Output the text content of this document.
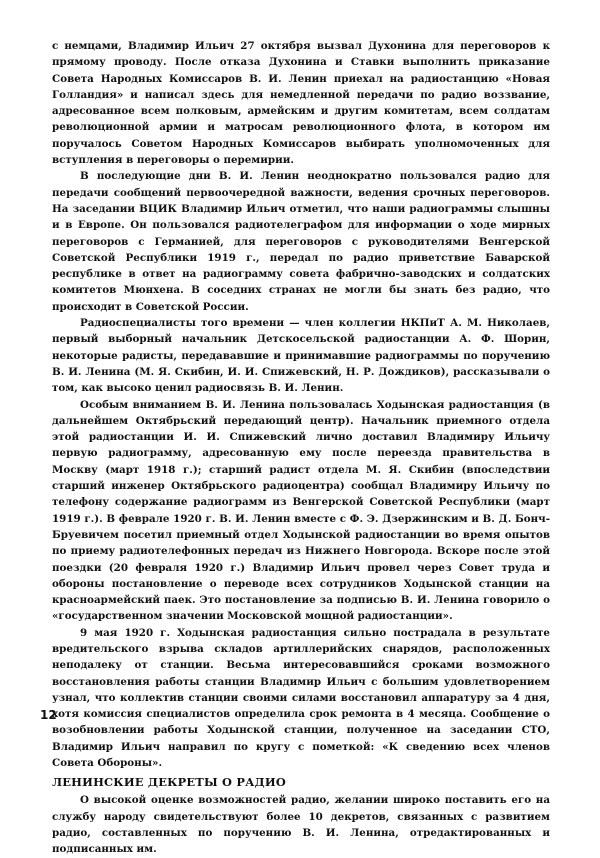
с немцами, Владимир Ильич 27 октября вызвал Духонина для переговоров к прямому проводу. После отказа Духонина и Ставки выполнить приказание Совета Народных Комиссаров В. И. Ленин приехал на радиостанцию «Новая Голландия» и написал здесь для немедленной передачи по радио воззвание, адресованное всем полковым, армейским и другим комитетам, всем солдатам революционной армии и матросам революционного флота, в котором им поручалось Советом Народных Комиссаров выбирать уполномоченных для вступления в переговоры о перемирии.

В последующие дни В. И. Ленин неоднократно пользовался радио для передачи сообщений первоочередной важности, ведения срочных переговоров. На заседании ВЦИК Владимир Ильич отметил, что наши радиограммы слышны и в Европе. Он пользовался радиотелеграфом для информации о ходе мирных переговоров с Германией, для переговоров с руководителями Венгерской Советской Республики 1919 г., передал по радио приветствие Баварской республике в ответ на радиограмму совета фабрично-заводских и солдатских комитетов Мюнхена. В соседних странах не могли бы знать без радио, что происходит в Советской России.

Радиоспециалисты того времени — член коллегии НКПиТ А. М. Николаев, первый выборный начальник Детскосельской радиостанции А. Ф. Шорин, некоторые радисты, передававшие и принимавшие радиограммы по поручению В. И. Ленина (М. Я. Скибин, И. И. Спижевский, Н. Р. Дождиков), рассказывали о том, как высоко ценил радиосвязь В. И. Ленин.

Особым вниманием В. И. Ленина пользовалась Ходынская радиостанция (в дальнейшем Октябрьский передающий центр). Начальник приемного отдела этой радиостанции И. И. Спижевский лично доставил Владимиру Ильичу первую радиограмму, адресованную ему после переезда правительства в Москву (март 1918 г.); старший радист отдела М. Я. Скибин (впоследствии старший инженер Октябрьского радиоцентра) сообщал Владимиру Ильичу по телефону содержание радиограмм из Венгерской Советской Республики (март 1919 г.). В феврале 1920 г. В. И. Ленин вместе с Ф. Э. Дзержинским и В. Д. Бонч-Бруевичем посетил приемный отдел Ходынской радиостанции во время опытов по приему радиотелефонных передач из Нижнего Новгорода. Вскоре после этой поездки (20 февраля 1920 г.) Владимир Ильич провел через Совет труда и обороны постановление о переводе всех сотрудников Ходынской станции на красноармейский паек. Это постановление за подписью В. И. Ленина говорило о «государственном значении Московской мощной радиостанции».

9 мая 1920 г. Ходынская радиостанция сильно пострадала в результате вредительского взрыва складов артиллерийских снарядов, расположенных неподалеку от станции. Весьма интересовавшийся сроками возможного восстановления работы станции Владимир Ильич с большим удовлетворением узнал, что коллектив станции своими силами восстановил аппаратуру за 4 дня, хотя комиссия специалистов определила срок ремонта в 4 месяца. Сообщение о возобновлении работы Ходынской станции, полученное на заседании СТО, Владимир Ильич направил по кругу с пометкой: «К сведению всех членов Совета Обороны».

ЛЕНИНСКИЕ ДЕКРЕТЫ О РАДИО

О высокой оценке возможностей радио, желании широко поставить его на службу народу свидетельствуют более 10 декретов, связанных с развитием радио, составленных по поручению В. И. Ленина, отредактированных и подписанных им.

12
